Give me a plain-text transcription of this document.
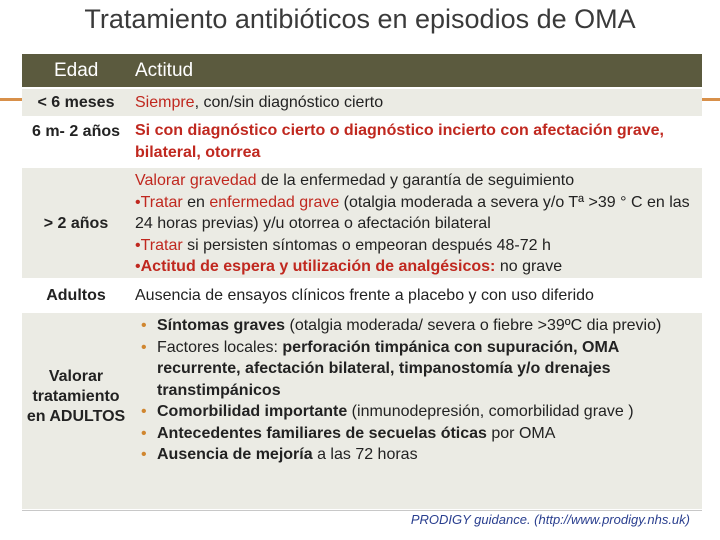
Tratamiento antibióticos en episodios de OMA
Edad Actitud
< 6 meses	Siempre, con/sin diagnóstico cierto
6 m- 2 años Si con diagnóstico cierto o diagnóstico incierto con afectación grave, bilateral, otorrea
> 2 años
Valorar gravedad de la enfermedad y garantía de seguimiento
•Tratar en enfermedad grave (otalgia moderada a severa y/o Tª >39 ° C en las 24 horas previas) y/u otorrea o afectación bilateral
•Tratar si persisten síntomas o empeoran después 48-72 h
•Actitud de espera y utilización de analgésicos: no grave
Adultos	Ausencia de ensayos clínicos frente a placebo y con uso diferido
Valorar tratamiento en ADULTOS
• Síntomas graves (otalgia moderada/ severa o fiebre >39ºC dia previo)
• Factores locales: perforación timpánica con supuración, OMA recurrente, afectación bilateral, timpanostomía y/o drenajes transtimpánicos
• Comorbilidad importante (inmunodepresión, comorbilidad grave )
• Antecedentes familiares de secuelas óticas por OMA
• Ausencia de mejoría a las 72 horas
PRODIGY guidance. (http://www.prodigy.nhs.uk)
